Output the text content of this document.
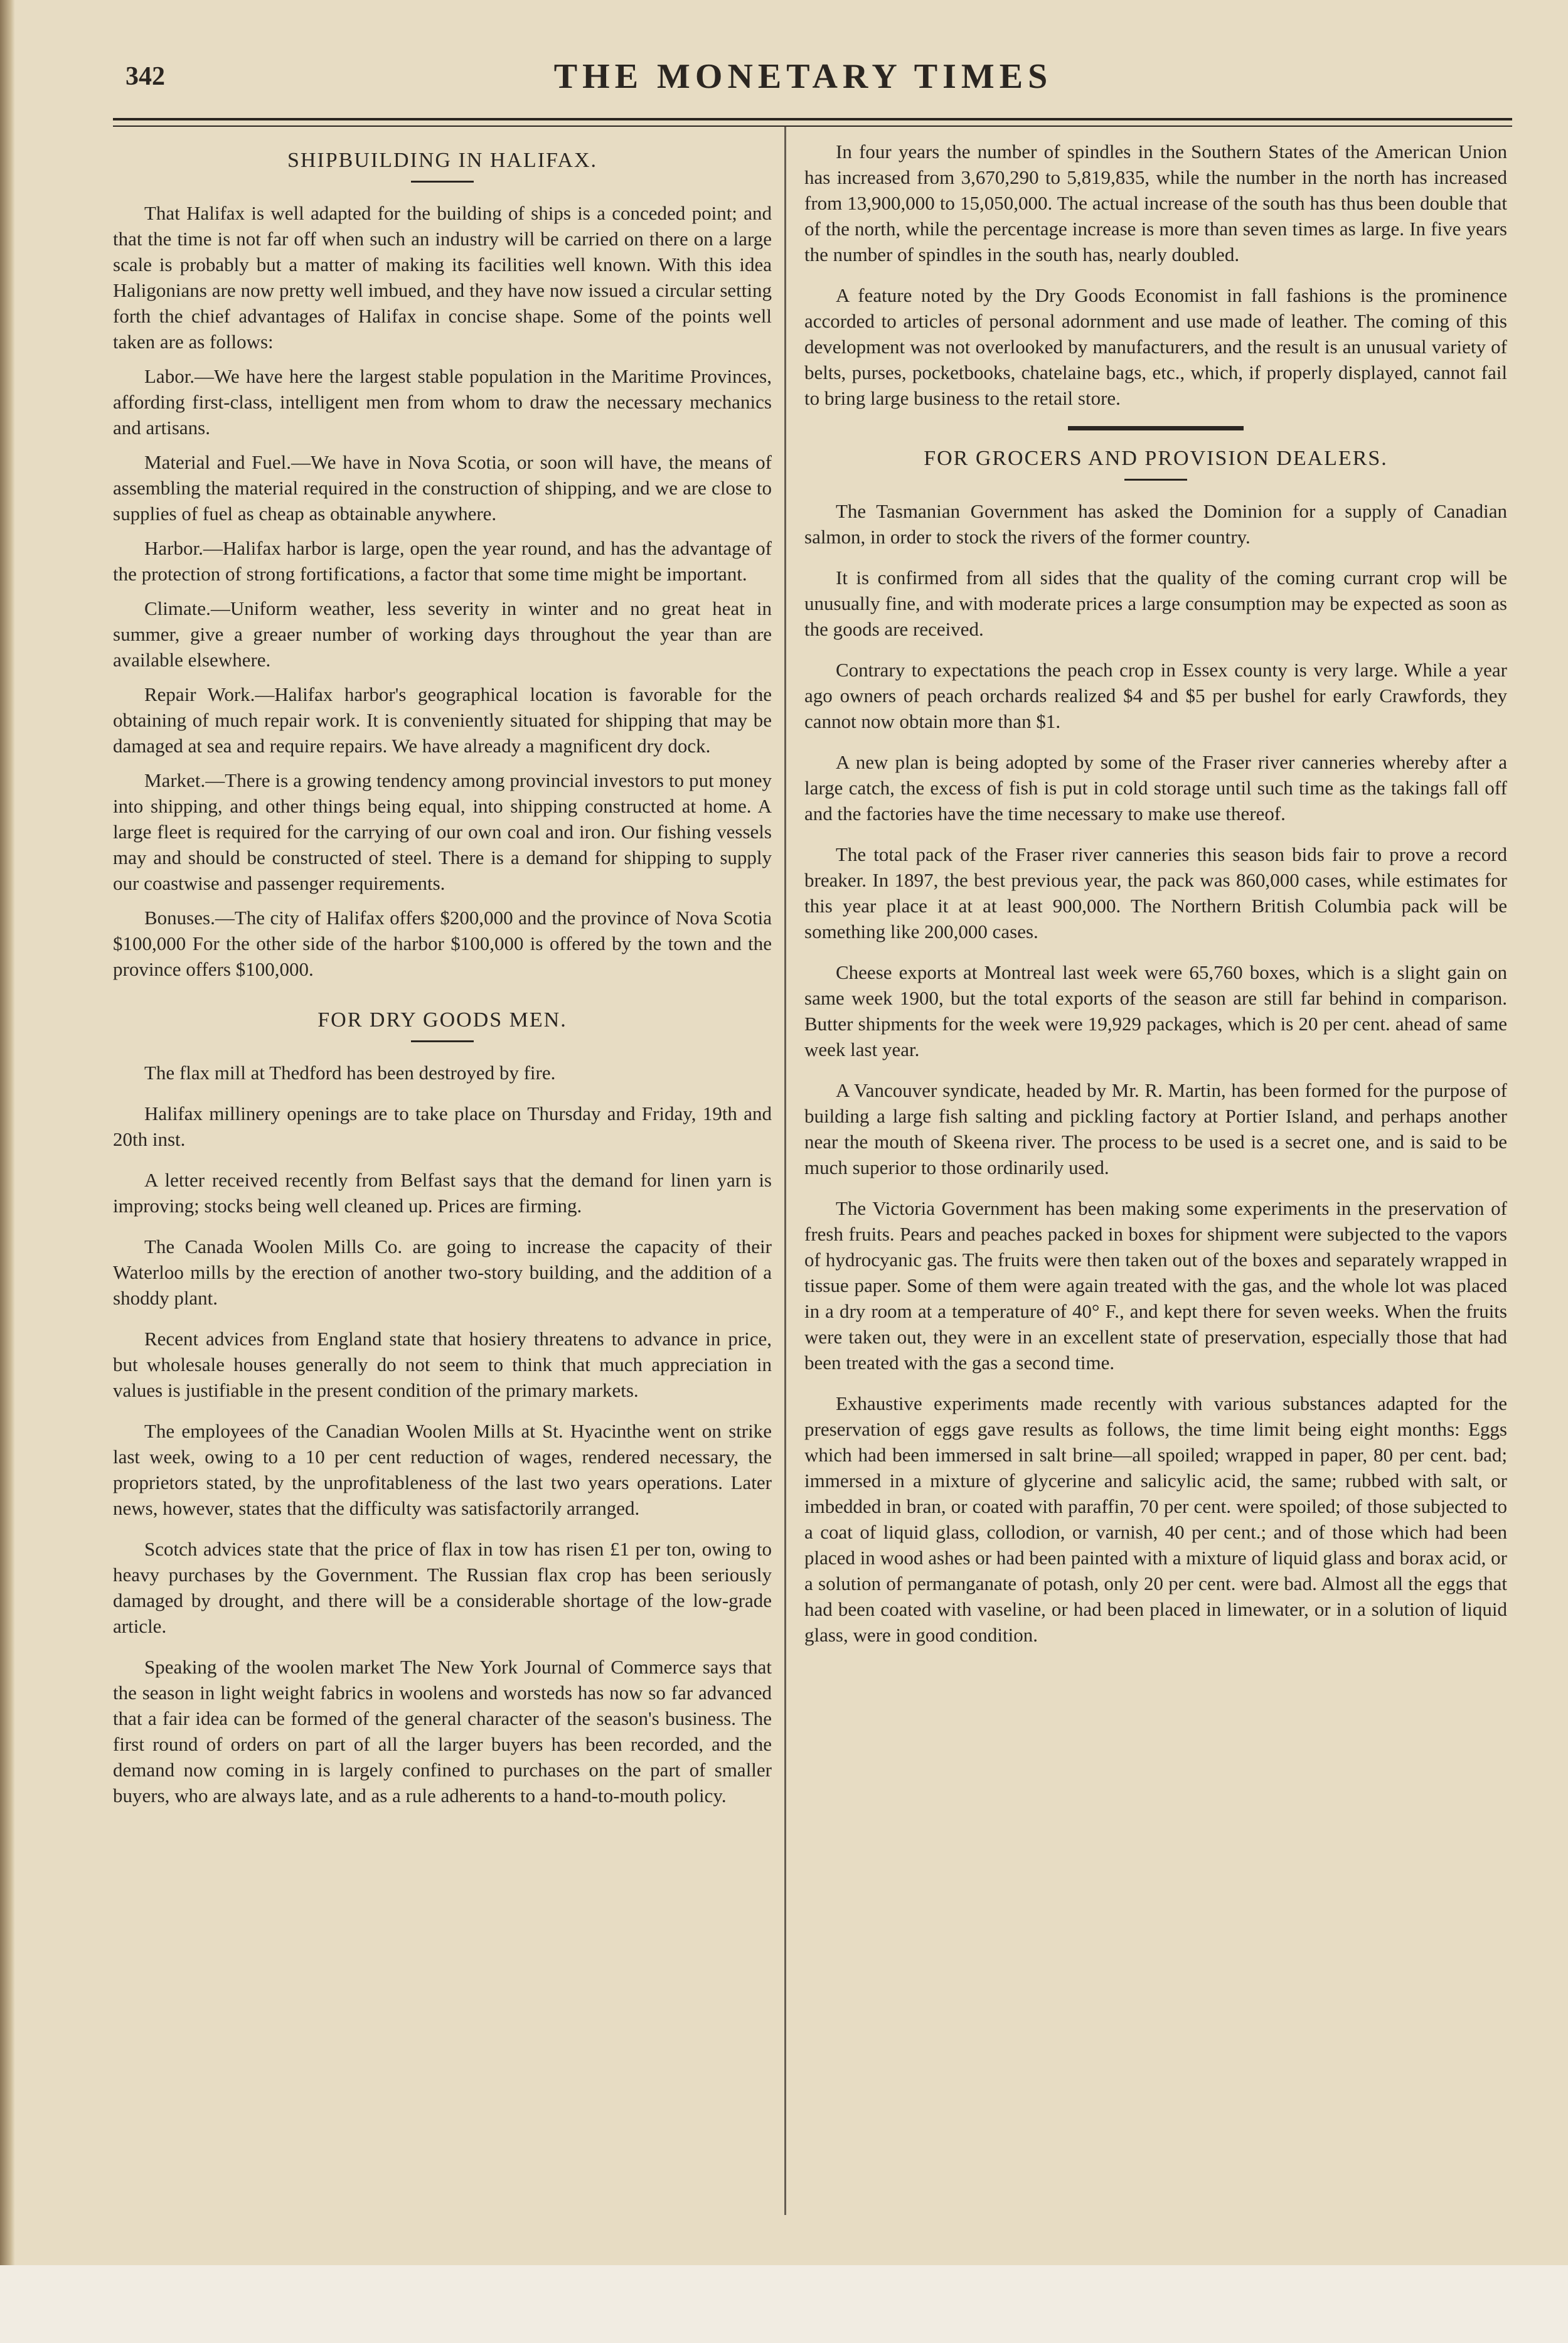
342	THE MONETARY TIMES
SHIPBUILDING IN HALIFAX.

That Halifax is well adapted for the building of ships is a conceded point; and that the time is not far off when such an industry will be carried on there on a large scale is probably but a matter of making its facilities well known. With this idea Haligonians are now pretty well imbued, and they have now issued a circular setting forth the chief advantages of Halifax in concise shape. Some of the points well taken are as follows:

Labor.—We have here the largest stable population in the Maritime Provinces, affording first-class, intelligent men from whom to draw the necessary mechanics and artisans.

Material and Fuel.—We have in Nova Scotia, or soon will have, the means of assembling the material required in the construction of shipping, and we are close to supplies of fuel as cheap as obtainable anywhere.

Harbor.—Halifax harbor is large, open the year round, and has the advantage of the protection of strong fortifications, a factor that some time might be important.

Climate.—Uniform weather, less severity in winter and no great heat in summer, give a greaer number of working days throughout the year than are available elsewhere.

Repair Work.—Halifax harbor's geographical location is favorable for the obtaining of much repair work. It is conveniently situated for shipping that may be damaged at sea and require repairs. We have already a magnificent dry dock.

Market.—There is a growing tendency among provincial investors to put money into shipping, and other things being equal, into shipping constructed at home. A large fleet is required for the carrying of our own coal and iron. Our fishing vessels may and should be constructed of steel. There is a demand for shipping to supply our coastwise and passenger requirements.

Bonuses.—The city of Halifax offers $200,000 and the province of Nova Scotia $100,000 For the other side of the harbor $100,000 is offered by the town and the province offers $100,000.

FOR DRY GOODS MEN.

The flax mill at Thedford has been destroyed by fire.

Halifax millinery openings are to take place on Thursday and Friday, 19th and 20th inst.

A letter received recently from Belfast says that the demand for linen yarn is improving; stocks being well cleaned up. Prices are firming.

The Canada Woolen Mills Co. are going to increase the capacity of their Waterloo mills by the erection of another two-story building, and the addition of a shoddy plant.

Recent advices from England state that hosiery threatens to advance in price, but wholesale houses generally do not seem to think that much appreciation in values is justifiable in the present condition of the primary markets.

The employees of the Canadian Woolen Mills at St. Hyacinthe went on strike last week, owing to a 10 per cent reduction of wages, rendered necessary, the proprietors stated, by the unprofitableness of the last two years operations. Later news, however, states that the difficulty was satisfactorily arranged.

Scotch advices state that the price of flax in tow has risen £1 per ton, owing to heavy purchases by the Government. The Russian flax crop has been seriously damaged by drought, and there will be a considerable shortage of the low-grade article.

Speaking of the woolen market The New York Journal of Commerce says that the season in light weight fabrics in woolens and worsteds has now so far advanced that a fair idea can be formed of the general character of the season's business. The first round of orders on part of all the larger buyers has been recorded, and the demand now coming in is largely confined to purchases on the part of smaller buyers, who are always late, and as a rule adherents to a hand-to-mouth policy.

In four years the number of spindles in the Southern States of the American Union has increased from 3,670,290 to 5,819,835, while the number in the north has increased from 13,900,000 to 15,050,000. The actual increase of the south has thus been double that of the north, while the percentage increase is more than seven times as large. In five years the number of spindles in the south has, nearly doubled.

A feature noted by the Dry Goods Economist in fall fashions is the prominence accorded to articles of personal adornment and use made of leather. The coming of this development was not overlooked by manufacturers, and the result is an unusual variety of belts, purses, pocketbooks, chatelaine bags, etc., which, if properly displayed, cannot fail to bring large business to the retail store.

FOR GROCERS AND PROVISION DEALERS.

The Tasmanian Government has asked the Dominion for a supply of Canadian salmon, in order to stock the rivers of the former country.

It is confirmed from all sides that the quality of the coming currant crop will be unusually fine, and with moderate prices a large consumption may be expected as soon as the goods are received.

Contrary to expectations the peach crop in Essex county is very large. While a year ago owners of peach orchards realized $4 and $5 per bushel for early Crawfords, they cannot now obtain more than $1.

A new plan is being adopted by some of the Fraser river canneries whereby after a large catch, the excess of fish is put in cold storage until such time as the takings fall off and the factories have the time necessary to make use thereof.

The total pack of the Fraser river canneries this season bids fair to prove a record breaker. In 1897, the best previous year, the pack was 860,000 cases, while estimates for this year place it at at least 900,000. The Northern British Columbia pack will be something like 200,000 cases.

Cheese exports at Montreal last week were 65,760 boxes, which is a slight gain on same week 1900, but the total exports of the season are still far behind in comparison. Butter shipments for the week were 19,929 packages, which is 20 per cent. ahead of same week last year.

A Vancouver syndicate, headed by Mr. R. Martin, has been formed for the purpose of building a large fish salting and pickling factory at Portier Island, and perhaps another near the mouth of Skeena river. The process to be used is a secret one, and is said to be much superior to those ordinarily used.

The Victoria Government has been making some experiments in the preservation of fresh fruits. Pears and peaches packed in boxes for shipment were subjected to the vapors of hydrocyanic gas. The fruits were then taken out of the boxes and separately wrapped in tissue paper. Some of them were again treated with the gas, and the whole lot was placed in a dry room at a temperature of 40° F., and kept there for seven weeks. When the fruits were taken out, they were in an excellent state of preservation, especially those that had been treated with the gas a second time.

Exhaustive experiments made recently with various substances adapted for the preservation of eggs gave results as follows, the time limit being eight months: Eggs which had been immersed in salt brine—all spoiled; wrapped in paper, 80 per cent. bad; immersed in a mixture of glycerine and salicylic acid, the same; rubbed with salt, or imbedded in bran, or coated with paraffin, 70 per cent. were spoiled; of those subjected to a coat of liquid glass, collodion, or varnish, 40 per cent.; and of those which had been placed in wood ashes or had been painted with a mixture of liquid glass and borax acid, or a solution of permanganate of potash, only 20 per cent. were bad. Almost all the eggs that had been coated with vaseline, or had been placed in limewater, or in a solution of liquid glass, were in good condition.
